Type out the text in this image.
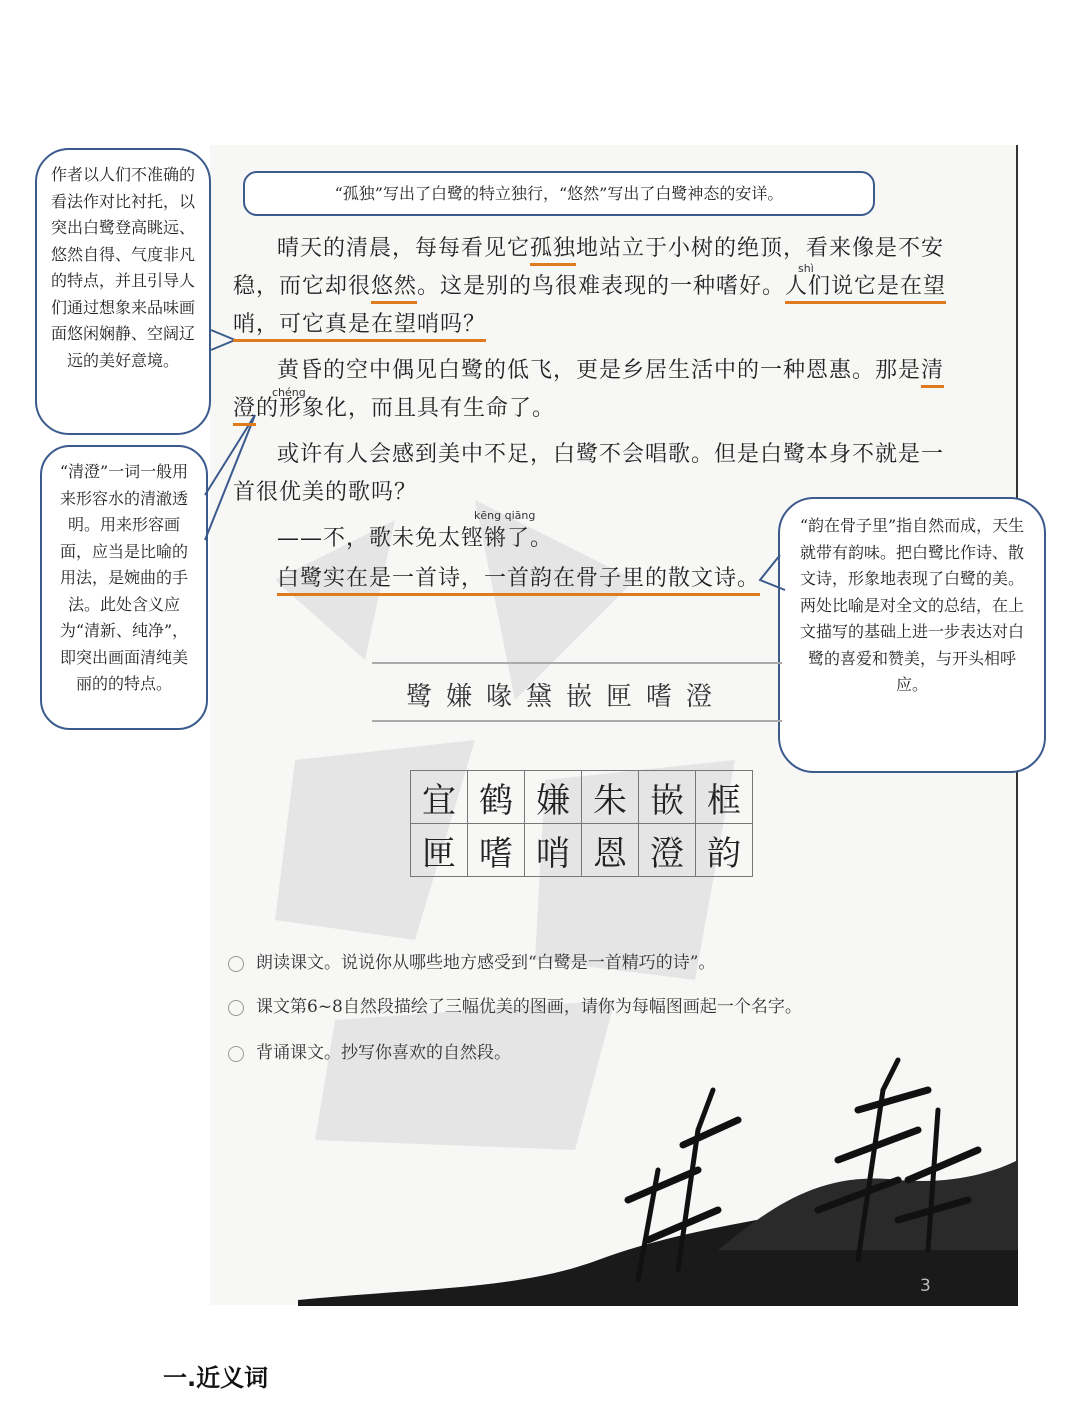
“孤独”写出了白鹭的特立独行，“悠然”写出了白鹭神态的安详。
作者以人们不准确的看法作对比衬托，以突出白鹭登高眺远、悠然自得、气度非凡的特点，并且引导人们通过想象来品味画面悠闲娴静、空阔辽远的美好意境。
“清澄”一词一般用来形容水的清澈透明。用来形容画面，应当是比喻的用法，是婉曲的手法。此处含义应为“清新、纯净”，即突出画面清纯美丽的的特点。
“韵在骨子里”指自然而成，天生就带有韵味。把白鹭比作诗、散文诗，形象地表现了白鹭的美。两处比喻是对全文的总结，在上文描写的基础上进一步表达对白鹭的喜爱和赞美，与开头相呼应。
shì
chéng
kēng qiāng

晴天的清晨，每每看见它孤独地站立于小树的绝顶，看来像是不安稳，而它却很悠然。这是别的鸟很难表现的一种嗜好。人们说它是在望哨，可它真是在望哨吗？

黄昏的空中偶见白鹭的低飞，更是乡居生活中的一种恩惠。那是清澄的形象化，而且具有生命了。

或许有人会感到美中不足，白鹭不会唱歌。但是白鹭本身不就是一首很优美的歌吗？

——不，歌未免太铿锵了。

白鹭实在是一首诗，一首韵在骨子里的散文诗。

鹭嫌喙黛嵌匣嗜澄
宜	鹤	嫌	朱	嵌	框
匣	嗜	哨	恩	澄	韵
朗读课文。说说你从哪些地方感受到“白鹭是一首精巧的诗”。
课文第6~8自然段描绘了三幅优美的图画，请你为每幅图画起一个名字。
背诵课文。抄写你喜欢的自然段。
3
一.近义词
